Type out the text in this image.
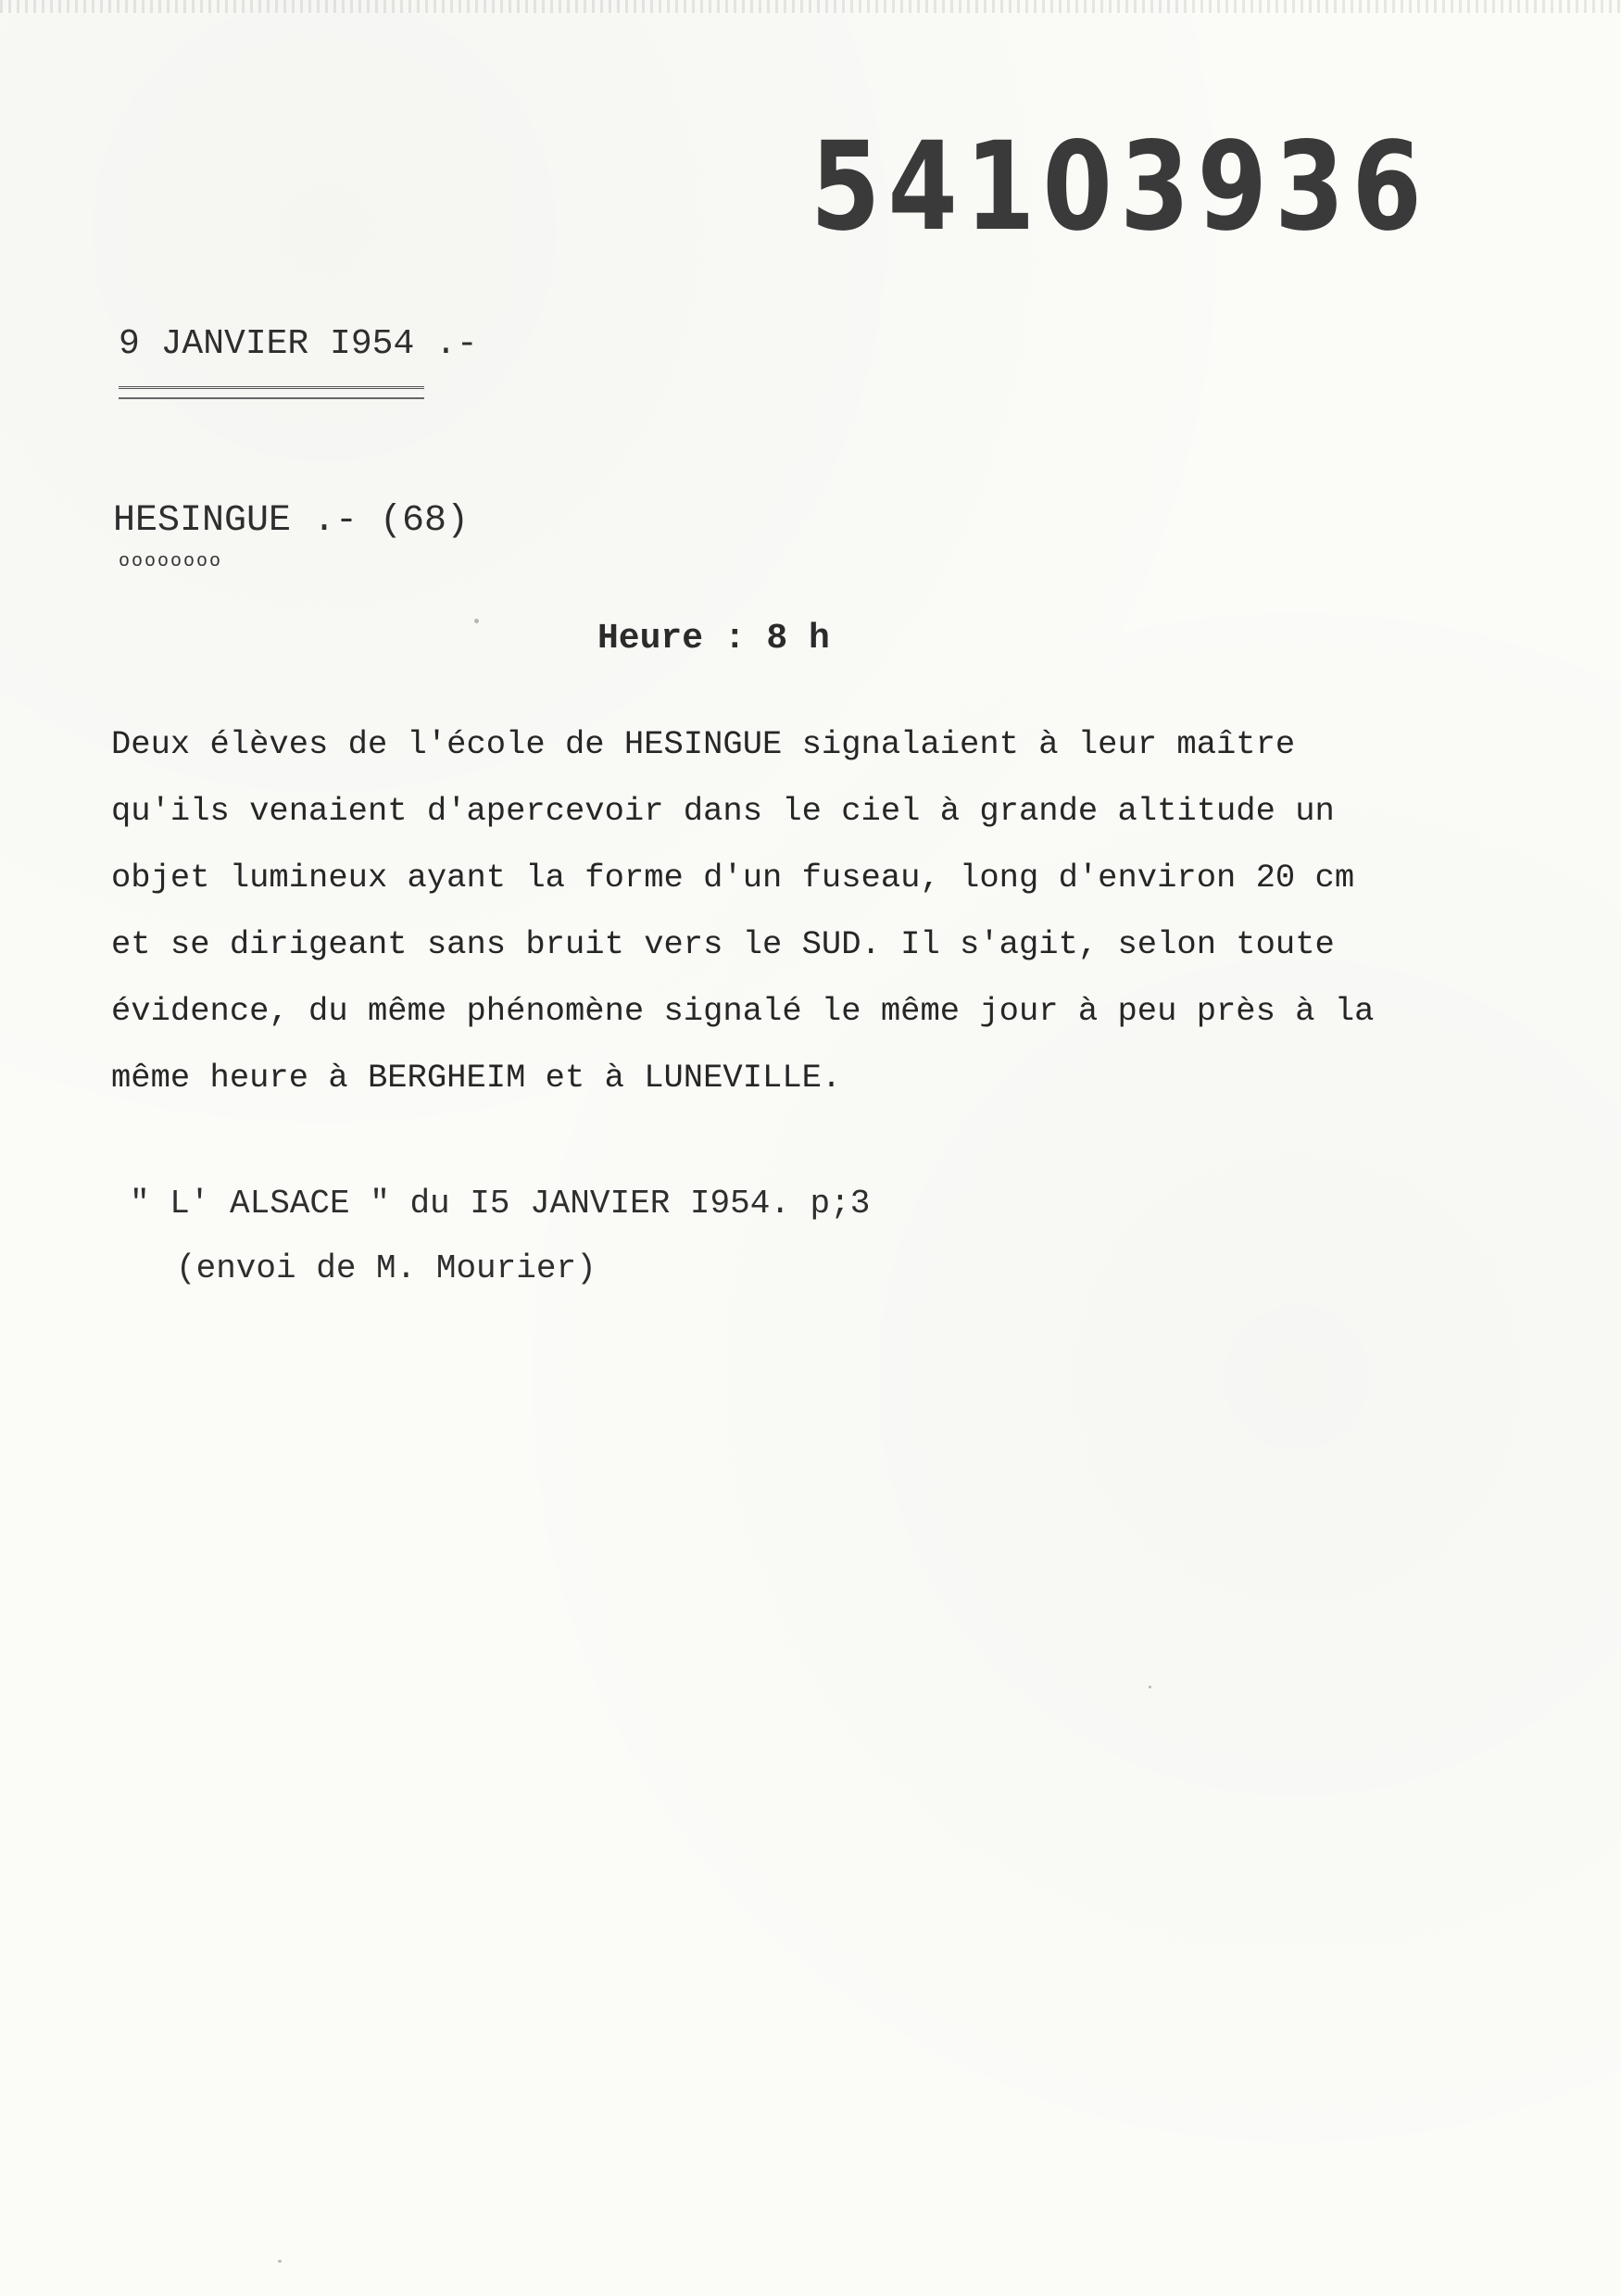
54103936
9 JANVIER I954 .-
HESINGUE .- (68)
oooooooo
Heure : 8 h

Deux élèves de l'école de HESINGUE signalaient à leur maître
qu'ils venaient d'apercevoir dans le ciel à grande altitude un
objet lumineux ayant la forme d'un fuseau, long d'environ 20 cm
et se dirigeant sans bruit vers le SUD. Il s'agit, selon toute
évidence, du même phénomène signalé le même jour à peu près à la
même heure à BERGHEIM et à LUNEVILLE.

" L' ALSACE " du I5 JANVIER I954. p;3
(envoi de M. Mourier)
